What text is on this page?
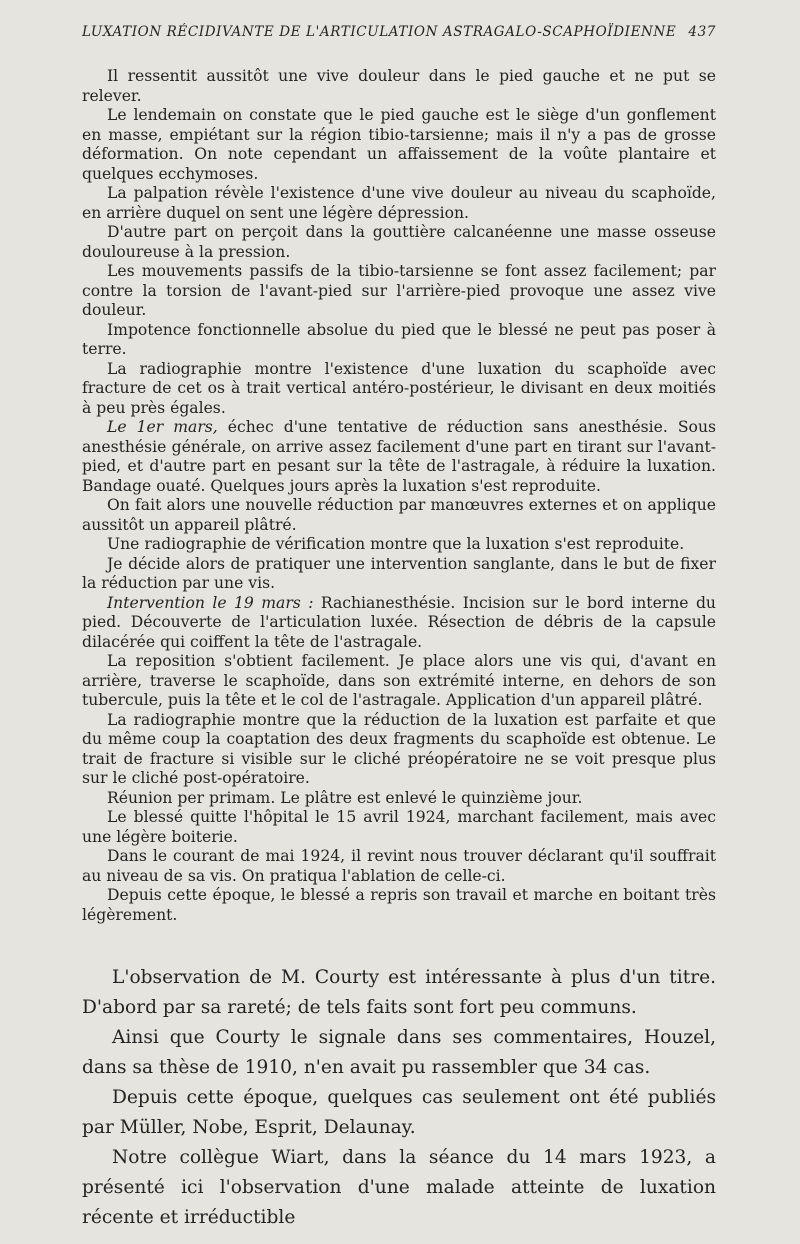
LUXATION RÉCIDIVANTE DE L'ARTICULATION ASTRAGALO-SCAPHOÏDIENNE 437

Il ressentit aussitôt une vive douleur dans le pied gauche et ne put se relever.

Le lendemain on constate que le pied gauche est le siège d'un gonflement en masse, empiétant sur la région tibio-tarsienne; mais il n'y a pas de grosse déformation. On note cependant un affaissement de la voûte plantaire et quelques ecchymoses.

La palpation révèle l'existence d'une vive douleur au niveau du scaphoïde, en arrière duquel on sent une légère dépression.

D'autre part on perçoit dans la gouttière calcanéenne une masse osseuse douloureuse à la pression.

Les mouvements passifs de la tibio-tarsienne se font assez facilement; par contre la torsion de l'avant-pied sur l'arrière-pied provoque une assez vive douleur.

Impotence fonctionnelle absolue du pied que le blessé ne peut pas poser à terre.

La radiographie montre l'existence d'une luxation du scaphoïde avec fracture de cet os à trait vertical antéro-postérieur, le divisant en deux moitiés à peu près égales.

Le 1er mars, échec d'une tentative de réduction sans anesthésie. Sous anesthésie générale, on arrive assez facilement d'une part en tirant sur l'avant-pied, et d'autre part en pesant sur la tête de l'astragale, à réduire la luxation. Bandage ouaté. Quelques jours après la luxation s'est reproduite.

On fait alors une nouvelle réduction par manœuvres externes et on applique aussitôt un appareil plâtré.

Une radiographie de vérification montre que la luxation s'est reproduite.

Je décide alors de pratiquer une intervention sanglante, dans le but de fixer la réduction par une vis.

Intervention le 19 mars : Rachianesthésie. Incision sur le bord interne du pied. Découverte de l'articulation luxée. Résection de débris de la capsule dilacérée qui coiffent la tête de l'astragale.

La reposition s'obtient facilement. Je place alors une vis qui, d'avant en arrière, traverse le scaphoïde, dans son extrémité interne, en dehors de son tubercule, puis la tête et le col de l'astragale. Application d'un appareil plâtré.

La radiographie montre que la réduction de la luxation est parfaite et que du même coup la coaptation des deux fragments du scaphoïde est obtenue. Le trait de fracture si visible sur le cliché préopératoire ne se voit presque plus sur le cliché post-opératoire.

Réunion per primam. Le plâtre est enlevé le quinzième jour.

Le blessé quitte l'hôpital le 15 avril 1924, marchant facilement, mais avec une légère boiterie.

Dans le courant de mai 1924, il revint nous trouver déclarant qu'il souffrait au niveau de sa vis. On pratiqua l'ablation de celle-ci.

Depuis cette époque, le blessé a repris son travail et marche en boitant très légèrement.

L'observation de M. Courty est intéressante à plus d'un titre. D'abord par sa rareté; de tels faits sont fort peu communs.

Ainsi que Courty le signale dans ses commentaires, Houzel, dans sa thèse de 1910, n'en avait pu rassembler que 34 cas.

Depuis cette époque, quelques cas seulement ont été publiés par Müller, Nobe, Esprit, Delaunay.

Notre collègue Wiart, dans la séance du 14 mars 1923, a présenté ici l'observation d'une malade atteinte de luxation récente et irréductible
